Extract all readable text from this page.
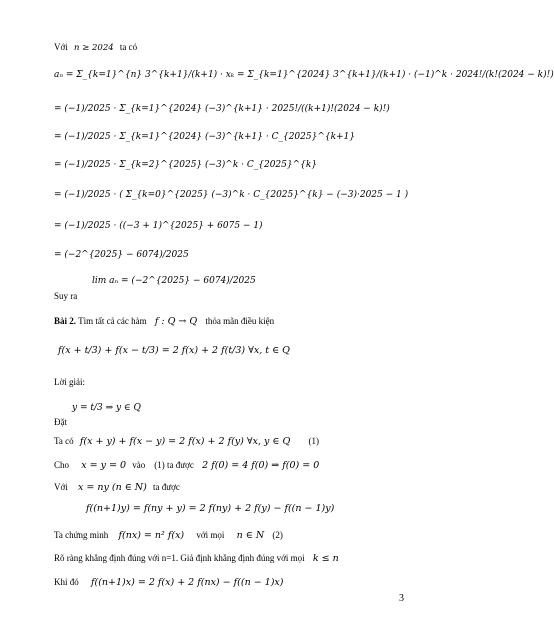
Với n ≥ 2024 ta có
aₙ = Σ_{k=1}^{n} 3^{k+1}/(k+1) · xₖ = Σ_{k=1}^{2024} 3^{k+1}/(k+1) · (−1)^k · 2024!/(k!(2024 − k)!)
= (−1)/2025 · Σ_{k=1}^{2024} (−3)^{k+1} · 2025!/((k+1)!(2024 − k)!)
= (−1)/2025 · Σ_{k=1}^{2024} (−3)^{k+1} · C_{2025}^{k+1}
= (−1)/2025 · Σ_{k=2}^{2025} (−3)^k · C_{2025}^{k}
= (−1)/2025 · ( Σ_{k=0}^{2025} (−3)^k · C_{2025}^{k} − (−3)·2025 − 1 )
= (−1)/2025 · ((−3 + 1)^{2025} + 6075 − 1)
= (−2^{2025} − 6074)/2025
lim aₙ = (−2^{2025} − 6074)/2025
Suy ra
Bài 2. Tìm tất cả các hàm f : Q → Q thỏa mãn điều kiện
f(x + t/3) + f(x − t/3) = 2 f(x) + 2 f(t/3) ∀x, t ∈ Q
Lời giải:
y = t/3 ⇒ y ∈ Q
Đặt
Ta có f(x + y) + f(x − y) = 2 f(x) + 2 f(y) ∀x, y ∈ Q (1)
Cho x = y = 0 vào    (1) ta được 2 f(0) = 4 f(0) ⇒ f(0) = 0
Với x = ny (n ∈ N) ta được
f((n+1)y) = f(ny + y) = 2 f(ny) + 2 f(y) − f((n − 1)y)
Ta chứng minh f(nx) = n² f(x) với mọi n ∈ N (2)
Rõ ràng khẳng định đúng với n=1. Giả định khẳng định đúng với mọi k ≤ n
Khi đó f((n+1)x) = 2 f(x) + 2 f(nx) − f((n − 1)x)
3
